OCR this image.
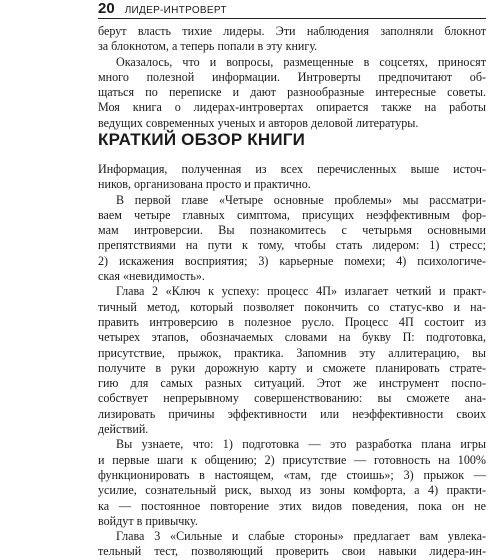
20 ЛИДЕР-ИНТРОВЕРТ
берут власть тихие лидеры. Эти наблюдения заполняли блокнот
за блокнотом, а теперь попали в эту книгу.
Оказалось, что и вопросы, размещенные в соцсетях, приносят
много полезной информации. Интроверты предпочитают об-
щаться по переписке и дают разнообразные интересные советы.
Моя книга о лидерах-интровертах опирается также на работы
ведущих современных ученых и авторов деловой литературы.
КРАТКИЙ ОБЗОР КНИГИ
Информация, полученная из всех перечисленных выше источ-
ников, организована просто и практично.
В первой главе «Четыре основные проблемы» мы рассматри-
ваем четыре главных симптома, присущих неэффективным фор-
мам интроверсии. Вы познакомитесь с четырьмя основными
препятствиями на пути к тому, чтобы стать лидером: 1) стресс;
2) искажения восприятия; 3) карьерные помехи; 4) психологиче-
ская «невидимость».
Глава 2 «Ключ к успеху: процесс 4П» излагает четкий и практ-
тичный метод, который позволяет покончить со статус-кво и на-
править интроверсию в полезное русло. Процесс 4П состоит из
четырех этапов, обозначаемых словами на букву П: подготовка,
присутствие, прыжок, практика. Запомнив эту аллитерацию, вы
получите в руки дорожную карту и сможете планировать страте-
гию для самых разных ситуаций. Этот же инструмент поспо-
собствует непрерывному совершенствованию: вы сможете ана-
лизировать причины эффективности или неэффективности своих
действий.
Вы узнаете, что: 1) подготовка — это разработка плана игры
и первые шаги к общению; 2) присутствие — готовность на 100%
функционировать в настоящем, «там, где стоишь»; 3) прыжок —
усилие, сознательный риск, выход из зоны комфорта, а 4) практи-
ка — постоянное повторение этих видов поведения, пока он не
войдут в привычку.
Глава 3 «Сильные и слабые стороны» предлагает вам увлека-
тельный тест, позволяющий проверить свои навыки лидера-ин-
